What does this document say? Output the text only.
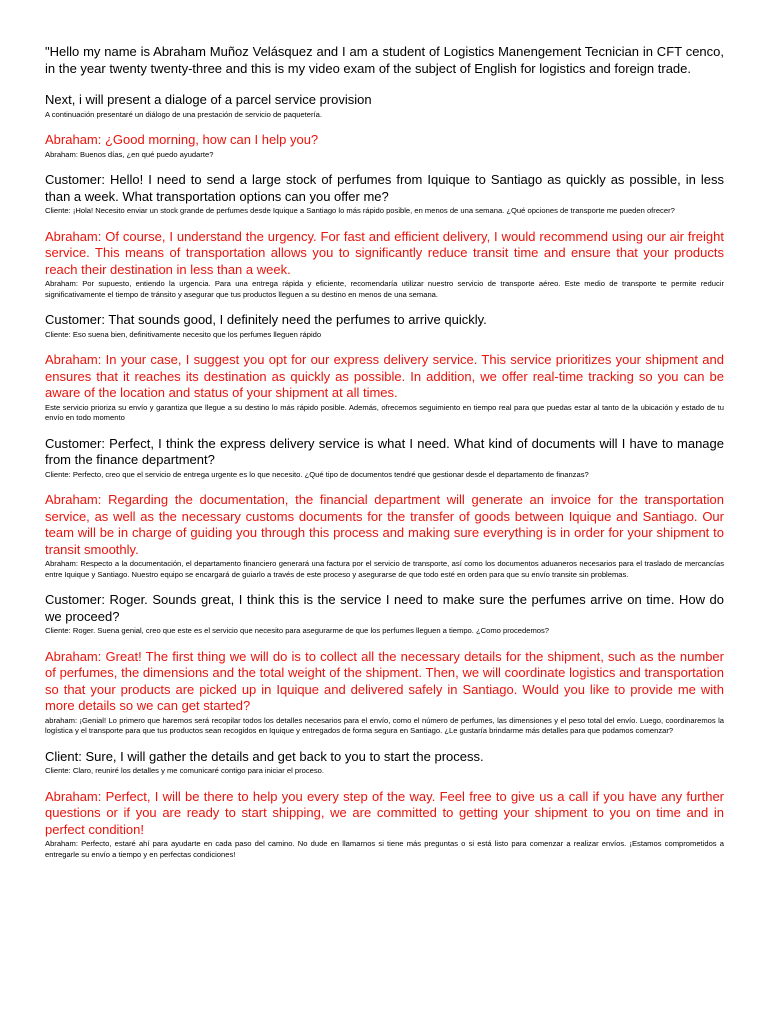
"Hello my name is Abraham Muñoz Velásquez and I am a student of Logistics Manengement Tecnician in CFT cenco, in the year twenty twenty-three and this is my video exam of the subject of English for logistics and foreign trade.

Next, i will present a dialoge of a parcel service provision

A continuación presentaré un diálogo de una prestación de servicio de paquetería.

Abraham: ¿Good morning, how can I help you?

Abraham: Buenos días, ¿en qué puedo ayudarte?

Customer: Hello! I need to send a large stock of perfumes from Iquique to Santiago as quickly as possible, in less than a week. What transportation options can you offer me?

Cliente: ¡Hola! Necesito enviar un stock grande de perfumes desde Iquique a Santiago lo más rápido posible, en menos de una semana. ¿Qué opciones de transporte me pueden ofrecer?

Abraham: Of course, I understand the urgency. For fast and efficient delivery, I would recommend using our air freight service. This means of transportation allows you to significantly reduce transit time and ensure that your products reach their destination in less than a week.

Abraham: Por supuesto, entiendo la urgencia. Para una entrega rápida y eficiente, recomendaría utilizar nuestro servicio de transporte aéreo. Este medio de transporte te permite reducir significativamente el tiempo de tránsito y asegurar que tus productos lleguen a su destino en menos de una semana.

Customer: That sounds good, I definitely need the perfumes to arrive quickly.

Cliente: Eso suena bien, definitivamente necesito que los perfumes lleguen rápido

Abraham: In your case, I suggest you opt for our express delivery service. This service prioritizes your shipment and ensures that it reaches its destination as quickly as possible. In addition, we offer real-time tracking so you can be aware of the location and status of your shipment at all times.

Este servicio prioriza su envío y garantiza que llegue a su destino lo más rápido posible. Además, ofrecemos seguimiento en tiempo real para que puedas estar al tanto de la ubicación y estado de tu envío en todo momento

Customer: Perfect, I think the express delivery service is what I need. What kind of documents will I have to manage from the finance department?

Cliente: Perfecto, creo que el servicio de entrega urgente es lo que necesito. ¿Qué tipo de documentos tendré que gestionar desde el departamento de finanzas?

Abraham: Regarding the documentation, the financial department will generate an invoice for the transportation service, as well as the necessary customs documents for the transfer of goods between Iquique and Santiago. Our team will be in charge of guiding you through this process and making sure everything is in order for your shipment to transit smoothly.

Abraham: Respecto a la documentación, el departamento financiero generará una factura por el servicio de transporte, así como los documentos aduaneros necesarios para el traslado de mercancías entre Iquique y Santiago. Nuestro equipo se encargará de guiarlo a través de este proceso y asegurarse de que todo esté en orden para que su envío transite sin problemas.

Customer: Roger. Sounds great, I think this is the service I need to make sure the perfumes arrive on time. How do we proceed?

Cliente: Roger. Suena genial, creo que este es el servicio que necesito para asegurarme de que los perfumes lleguen a tiempo. ¿Como procedemos?

Abraham: Great! The first thing we will do is to collect all the necessary details for the shipment, such as the number of perfumes, the dimensions and the total weight of the shipment. Then, we will coordinate logistics and transportation so that your products are picked up in Iquique and delivered safely in Santiago. Would you like to provide me with more details so we can get started?

abraham: ¡Genial! Lo primero que haremos será recopilar todos los detalles necesarios para el envío, como el número de perfumes, las dimensiones y el peso total del envío. Luego, coordinaremos la logística y el transporte para que tus productos sean recogidos en Iquique y entregados de forma segura en Santiago. ¿Le gustaría brindarme más detalles para que podamos comenzar?

Client: Sure, I will gather the details and get back to you to start the process.

Cliente: Claro, reuniré los detalles y me comunicaré contigo para iniciar el proceso.

Abraham: Perfect, I will be there to help you every step of the way. Feel free to give us a call if you have any further questions or if you are ready to start shipping, we are committed to getting your shipment to you on time and in perfect condition!

Abraham: Perfecto, estaré ahí para ayudarte en cada paso del camino. No dude en llamarnos si tiene más preguntas o si está listo para comenzar a realizar envíos. ¡Estamos comprometidos a entregarle su envío a tiempo y en perfectas condiciones!
